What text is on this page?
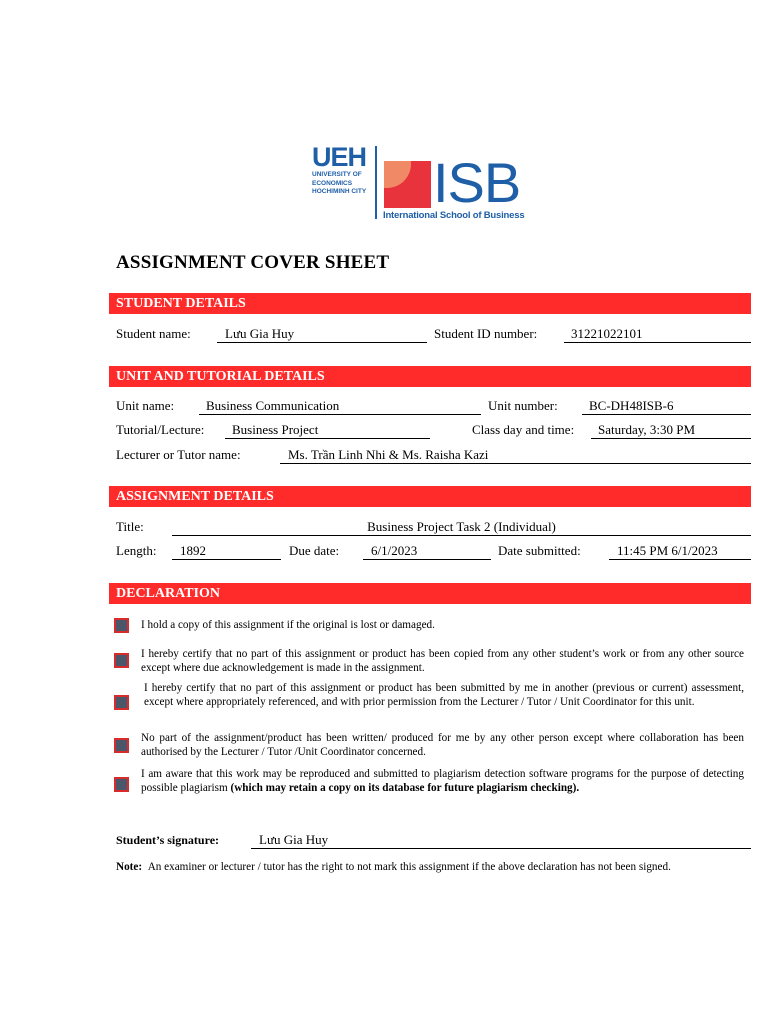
UEH
UNIVERSITY OF
ECONOMICS
HOCHIMINH CITY ISB
International School of Business
ASSIGNMENT COVER SHEET
STUDENT DETAILS
Student name:	Lưu Gia Huy	Student ID number:	31221022101
UNIT AND TUTORIAL DETAILS
Unit name:	Business Communication	Unit number:	BC-DH48ISB-6
Tutorial/Lecture:	Business Project	Class day and time:	Saturday, 3:30 PM
Lecturer or Tutor name:	Ms. Trần Linh Nhi & Ms. Raisha Kazi
ASSIGNMENT DETAILS
Title:	Business Project Task 2 (Individual)
Length:	1892	Due date:	6/1/2023	Date submitted:	11:45 PM 6/1/2023
DECLARATION
I hold a copy of this assignment if the original is lost or damaged.
I hereby certify that no part of this assignment or product has been copied from any other student’s work or from any other source except where due acknowledgement is made in the assignment.
I hereby certify that no part of this assignment or product has been submitted by me in another (previous or current) assessment, except where appropriately referenced, and with prior permission from the Lecturer / Tutor / Unit Coordinator for this unit.
No part of the assignment/product has been written/ produced for me by any other person except where collaboration has been authorised by the Lecturer / Tutor /Unit Coordinator concerned.
I am aware that this work may be reproduced and submitted to plagiarism detection software programs for the purpose of detecting possible plagiarism (which may retain a copy on its database for future plagiarism checking).
Student’s signature:	Lưu Gia Huy
Note: An examiner or lecturer / tutor has the right to not mark this assignment if the above declaration has not been signed.
